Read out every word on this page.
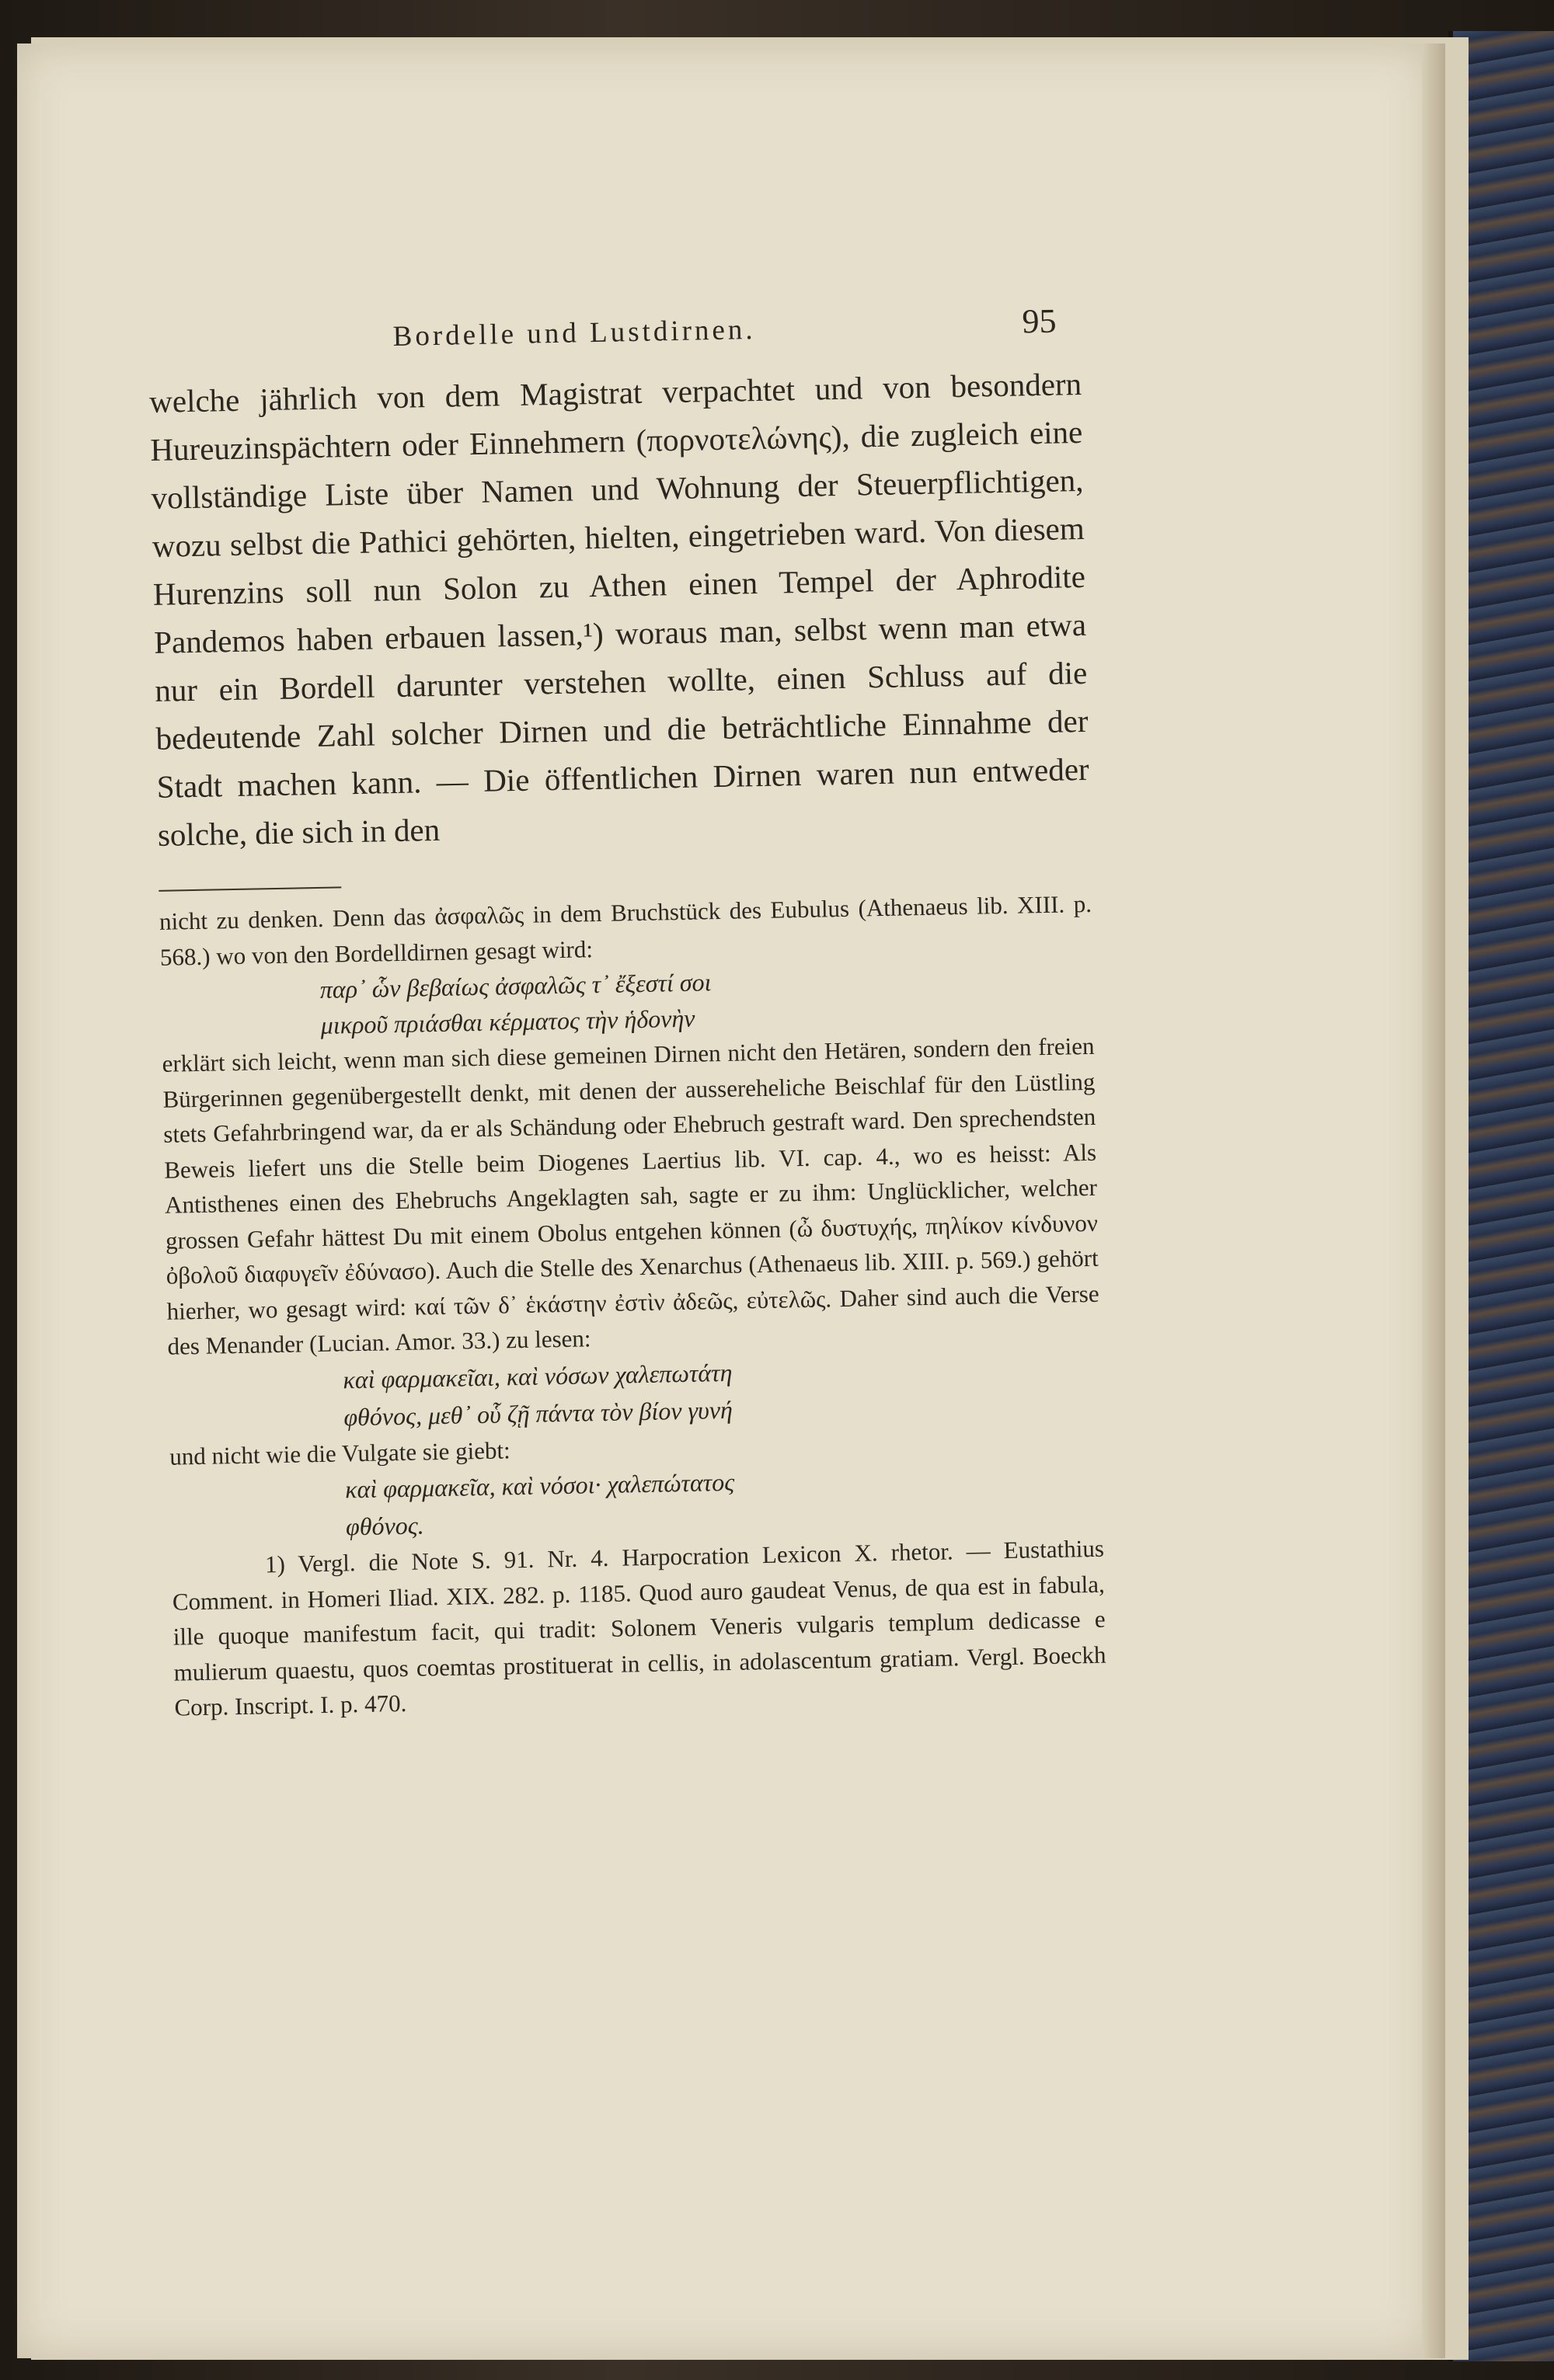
Bordelle und Lustdirnen.	95

welche jährlich von dem Magistrat verpachtet und von besondern Hureuzinspächtern oder Einnehmern (πορνοτελώνης), die zugleich eine vollständige Liste über Namen und Wohnung der Steuerpflichtigen, wozu selbst die Pathici gehörten, hielten, eingetrieben ward. Von diesem Hurenzins soll nun Solon zu Athen einen Tempel der Aphrodite Pandemos haben erbauen lassen,¹) woraus man, selbst wenn man etwa nur ein Bordell darunter verstehen wollte, einen Schluss auf die bedeutende Zahl solcher Dirnen und die beträchtliche Einnahme der Stadt machen kann. — Die öffentlichen Dirnen waren nun entweder solche, die sich in den

nicht zu denken. Denn das ἀσφαλῶς in dem Bruchstück des Eubulus (Athenaeus lib. XIII. p. 568.) wo von den Bordelldirnen gesagt wird:

παρ᾽ ὧν βεβαίως ἀσφαλῶς τ᾽ ἔξεστί σοι
μικροῦ πριάσθαι κέρματος τὴν ἡδονὴν

erklärt sich leicht, wenn man sich diese gemeinen Dirnen nicht den Hetären, sondern den freien Bürgerinnen gegenübergestellt denkt, mit denen der aussereheliche Beischlaf für den Lüstling stets Gefahrbringend war, da er als Schändung oder Ehebruch gestraft ward. Den sprechendsten Beweis liefert uns die Stelle beim Diogenes Laertius lib. VI. cap. 4., wo es heisst: Als Antisthenes einen des Ehebruchs Angeklagten sah, sagte er zu ihm: Unglücklicher, welcher grossen Gefahr hättest Du mit einem Obolus entgehen können (ὦ δυστυχής, πηλίκον κίνδυνον ὀβολοῦ διαφυγεῖν ἐδύνασο). Auch die Stelle des Xenarchus (Athenaeus lib. XIII. p. 569.) gehört hierher, wo gesagt wird: καί τῶν δ᾽ ἑκάστην ἐστὶν ἀδεῶς, εὐτελῶς. Daher sind auch die Verse des Menander (Lucian. Amor. 33.) zu lesen:

καὶ φαρμακεῖαι, καὶ νόσων χαλεπωτάτη
φθόνος, μεθ᾽ οὗ ζῇ πάντα τὸν βίον γυνή

und nicht wie die Vulgate sie giebt:

καὶ φαρμακεῖα, καὶ νόσοι· χαλεπώτατος
φθόνος.

1) Vergl. die Note S. 91. Nr. 4. Harpocration Lexicon X. rhetor. — Eustathius Comment. in Homeri Iliad. XIX. 282. p. 1185. Quod auro gaudeat Venus, de qua est in fabula, ille quoque manifestum facit, qui tradit: Solonem Veneris vulgaris templum dedicasse e mulierum quaestu, quos coemtas prostituerat in cellis, in adolascentum gratiam. Vergl. Boeckh Corp. Inscript. I. p. 470.
